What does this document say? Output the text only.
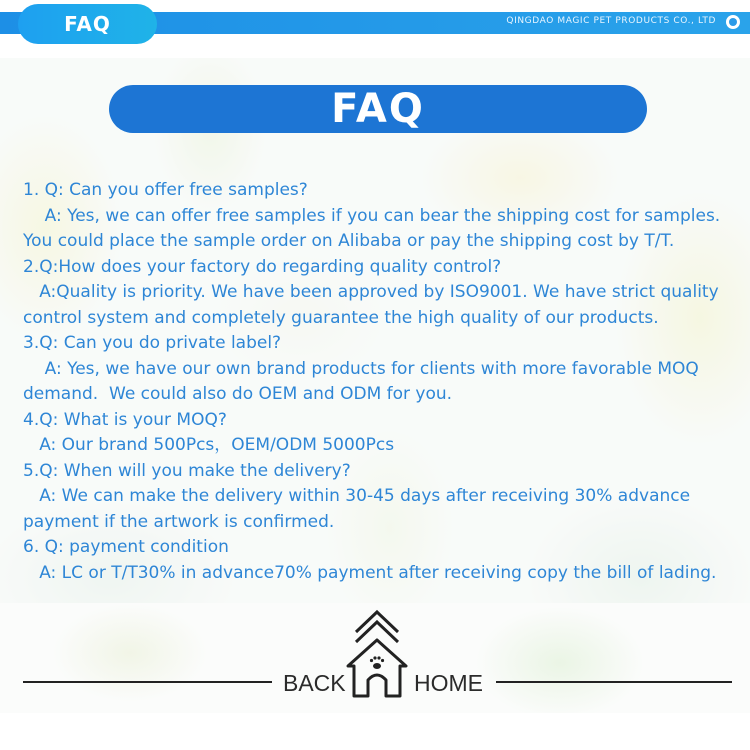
FAQ	QINGDAO MAGIC PET PRODUCTS CO., LTD
FAQ
1. Q: Can you offer free samples?
A: Yes, we can offer free samples if you can bear the shipping cost for samples.
You could place the sample order on Alibaba or pay the shipping cost by T/T.
2.Q:How does your factory do regarding quality control?
A:Quality is priority. We have been approved by ISO9001. We have strict quality
control system and completely guarantee the high quality of our products.
3.Q: Can you do private label?
A: Yes, we have our own brand products for clients with more favorable MOQ
demand.  We could also do OEM and ODM for you.
4.Q: What is your MOQ?
A: Our brand 500Pcs，OEM/ODM 5000Pcs
5.Q: When will you make the delivery?
A: We can make the delivery within 30-45 days after receiving 30% advance
payment if the artwork is confirmed.
6. Q: payment condition
A: LC or T/T30% in advance70% payment after receiving copy the bill of lading.
BACK	HOME
